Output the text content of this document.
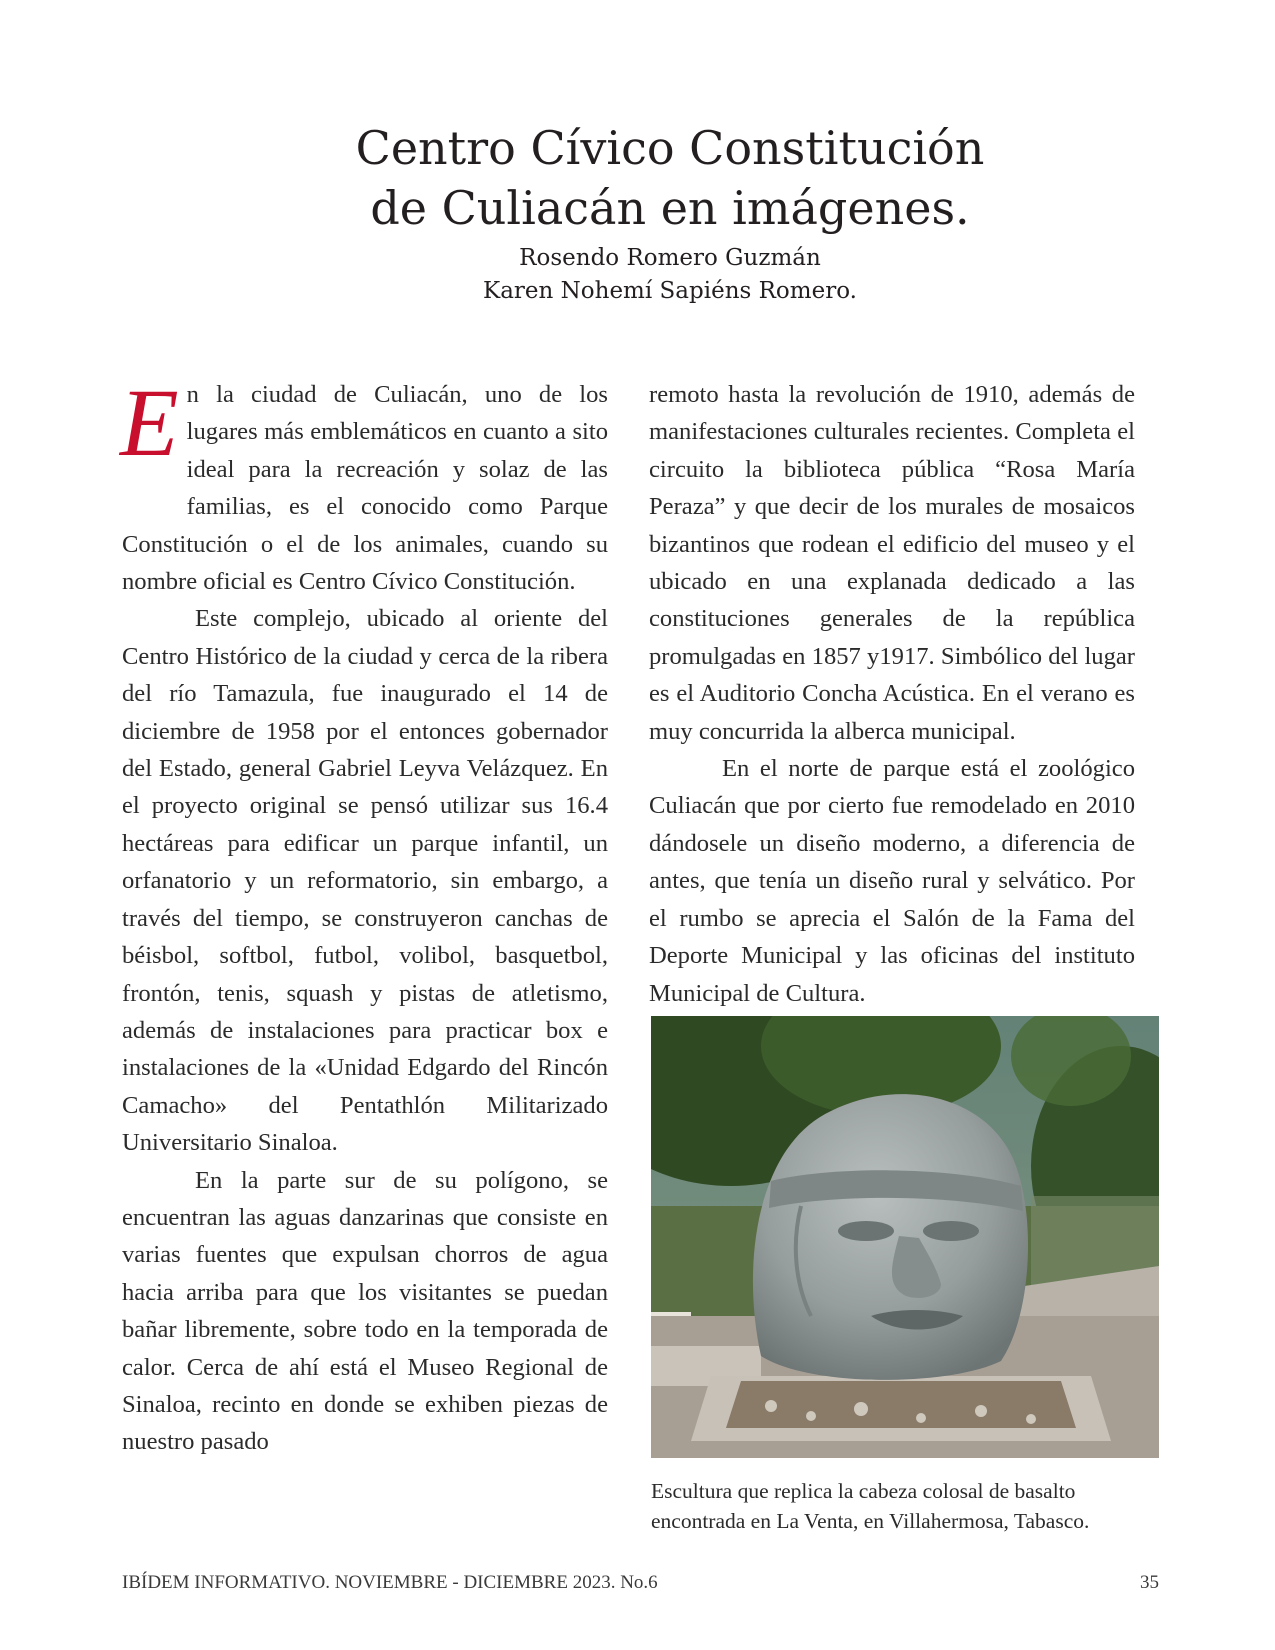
Centro Cívico Constitución
de Culiacán en imágenes.
Rosendo Romero Guzmán
Karen Nohemí Sapiéns Romero.

En la ciudad de Culiacán, uno de los lugares más emblemáticos en cuanto a sito ideal para la recreación y solaz de las familias, es el conocido como Parque Constitución o el de los animales, cuando su nombre oficial es Centro Cívico Constitución.

Este complejo, ubicado al oriente del Centro Histórico de la ciudad y cerca de la ribera del río Tamazula, fue inaugurado el 14 de diciembre de 1958 por el entonces gobernador del Estado, general Gabriel Leyva Velázquez. En el proyecto original se pensó utilizar sus 16.4 hectáreas para edificar un parque infantil, un orfanatorio y un reformatorio, sin embargo, a través del tiempo, se construyeron canchas de béisbol, softbol, futbol, volibol, basquetbol, frontón, tenis, squash y pistas de atletismo, además de instalaciones para practicar box e instalaciones de la «Unidad Edgardo del Rincón Camacho» del Pentathlón Militarizado Universitario Sinaloa.

En la parte sur de su polígono, se encuentran las aguas danzarinas que consiste en varias fuentes que expulsan chorros de agua hacia arriba para que los visitantes se puedan bañar libremente, sobre todo en la temporada de calor. Cerca de ahí está el Museo Regional de Sinaloa, recinto en donde se exhiben piezas de nuestro pasado

remoto hasta la revolución de 1910, además de manifestaciones culturales recientes. Completa el circuito la biblioteca pública “Rosa María Peraza” y que decir de los murales de mosaicos bizantinos que rodean el edificio del museo y el ubicado en una explanada dedicado a las constituciones generales de la república promulgadas en 1857 y1917. Simbólico del lugar es el Auditorio Concha Acústica. En el verano es muy concurrida la alberca municipal.

En el norte de parque está el zoológico Culiacán que por cierto fue remodelado en 2010 dándosele un diseño moderno, a diferencia de antes, que tenía un diseño rural y selvático. Por el rumbo se aprecia el Salón de la Fama del Deporte Municipal y las oficinas del instituto Municipal de Cultura.

Escultura que replica la cabeza colosal de basalto
encontrada en La Venta, en Villahermosa, Tabasco.
IBÍDEM INFORMATIVO. NOVIEMBRE - DICIEMBRE 2023. No.6	35
